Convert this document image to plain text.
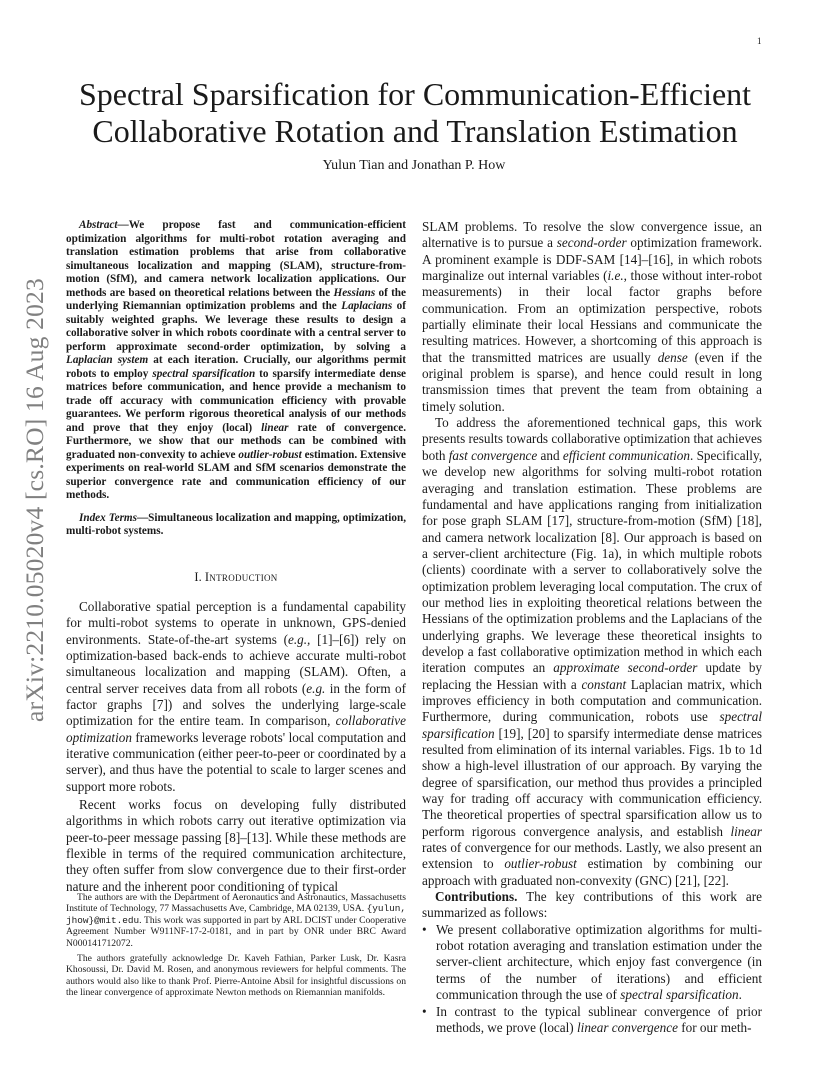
1
arXiv:2210.05020v4 [cs.RO] 16 Aug 2023
Spectral Sparsification for Communication-Efficient
Collaborative Rotation and Translation Estimation
Yulun Tian and Jonathan P. How

Abstract—We propose fast and communication-efficient optimization algorithms for multi-robot rotation averaging and translation estimation problems that arise from collaborative simultaneous localization and mapping (SLAM), structure-from-motion (SfM), and camera network localization applications. Our methods are based on theoretical relations between the Hessians of the underlying Riemannian optimization problems and the Laplacians of suitably weighted graphs. We leverage these results to design a collaborative solver in which robots coordinate with a central server to perform approximate second-order optimization, by solving a Laplacian system at each iteration. Crucially, our algorithms permit robots to employ spectral sparsification to sparsify intermediate dense matrices before communication, and hence provide a mechanism to trade off accuracy with communication efficiency with provable guarantees. We perform rigorous theoretical analysis of our methods and prove that they enjoy (local) linear rate of convergence. Furthermore, we show that our methods can be combined with graduated non-convexity to achieve outlier-robust estimation. Extensive experiments on real-world SLAM and SfM scenarios demonstrate the superior convergence rate and communication efficiency of our methods.

Index Terms—Simultaneous localization and mapping, optimization, multi-robot systems.

I. Introduction

Collaborative spatial perception is a fundamental capability for multi-robot systems to operate in unknown, GPS-denied environments. State-of-the-art systems (e.g., [1]–[6]) rely on optimization-based back-ends to achieve accurate multi-robot simultaneous localization and mapping (SLAM). Often, a central server receives data from all robots (e.g. in the form of factor graphs [7]) and solves the underlying large-scale optimization for the entire team. In comparison, collaborative optimization frameworks leverage robots' local computation and iterative communication (either peer-to-peer or coordinated by a server), and thus have the potential to scale to larger scenes and support more robots.

Recent works focus on developing fully distributed algorithms in which robots carry out iterative optimization via peer-to-peer message passing [8]–[13]. While these methods are flexible in terms of the required communication architecture, they often suffer from slow convergence due to their first-order nature and the inherent poor conditioning of typical

The authors are with the Department of Aeronautics and Astronautics, Massachusetts Institute of Technology, 77 Massachusetts Ave, Cambridge, MA 02139, USA. {yulun, jhow}@mit.edu. This work was supported in part by ARL DCIST under Cooperative Agreement Number W911NF-17-2-0181, and in part by ONR under BRC Award N000141712072.

The authors gratefully acknowledge Dr. Kaveh Fathian, Parker Lusk, Dr. Kasra Khosoussi, Dr. David M. Rosen, and anonymous reviewers for helpful comments. The authors would also like to thank Prof. Pierre-Antoine Absil for insightful discussions on the linear convergence of approximate Newton methods on Riemannian manifolds.

SLAM problems. To resolve the slow convergence issue, an alternative is to pursue a second-order optimization framework. A prominent example is DDF-SAM [14]–[16], in which robots marginalize out internal variables (i.e., those without inter-robot measurements) in their local factor graphs before communication. From an optimization perspective, robots partially eliminate their local Hessians and communicate the resulting matrices. However, a shortcoming of this approach is that the transmitted matrices are usually dense (even if the original problem is sparse), and hence could result in long transmission times that prevent the team from obtaining a timely solution.

To address the aforementioned technical gaps, this work presents results towards collaborative optimization that achieves both fast convergence and efficient communication. Specifically, we develop new algorithms for solving multi-robot rotation averaging and translation estimation. These problems are fundamental and have applications ranging from initialization for pose graph SLAM [17], structure-from-motion (SfM) [18], and camera network localization [8]. Our approach is based on a server-client architecture (Fig. 1a), in which multiple robots (clients) coordinate with a server to collaboratively solve the optimization problem leveraging local computation. The crux of our method lies in exploiting theoretical relations between the Hessians of the optimization problems and the Laplacians of the underlying graphs. We leverage these theoretical insights to develop a fast collaborative optimization method in which each iteration computes an approximate second-order update by replacing the Hessian with a constant Laplacian matrix, which improves efficiency in both computation and communication. Furthermore, during communication, robots use spectral sparsification [19], [20] to sparsify intermediate dense matrices resulted from elimination of its internal variables. Figs. 1b to 1d show a high-level illustration of our approach. By varying the degree of sparsification, our method thus provides a principled way for trading off accuracy with communication efficiency. The theoretical properties of spectral sparsification allow us to perform rigorous convergence analysis, and establish linear rates of convergence for our methods. Lastly, we also present an extension to outlier-robust estimation by combining our approach with graduated non-convexity (GNC) [21], [22].

Contributions. The key contributions of this work are summarized as follows:

• We present collaborative optimization algorithms for multi-robot rotation averaging and translation estimation under the server-client architecture, which enjoy fast convergence (in terms of the number of iterations) and efficient communication through the use of spectral sparsification.
• In contrast to the typical sublinear convergence of prior methods, we prove (local) linear convergence for our meth-
